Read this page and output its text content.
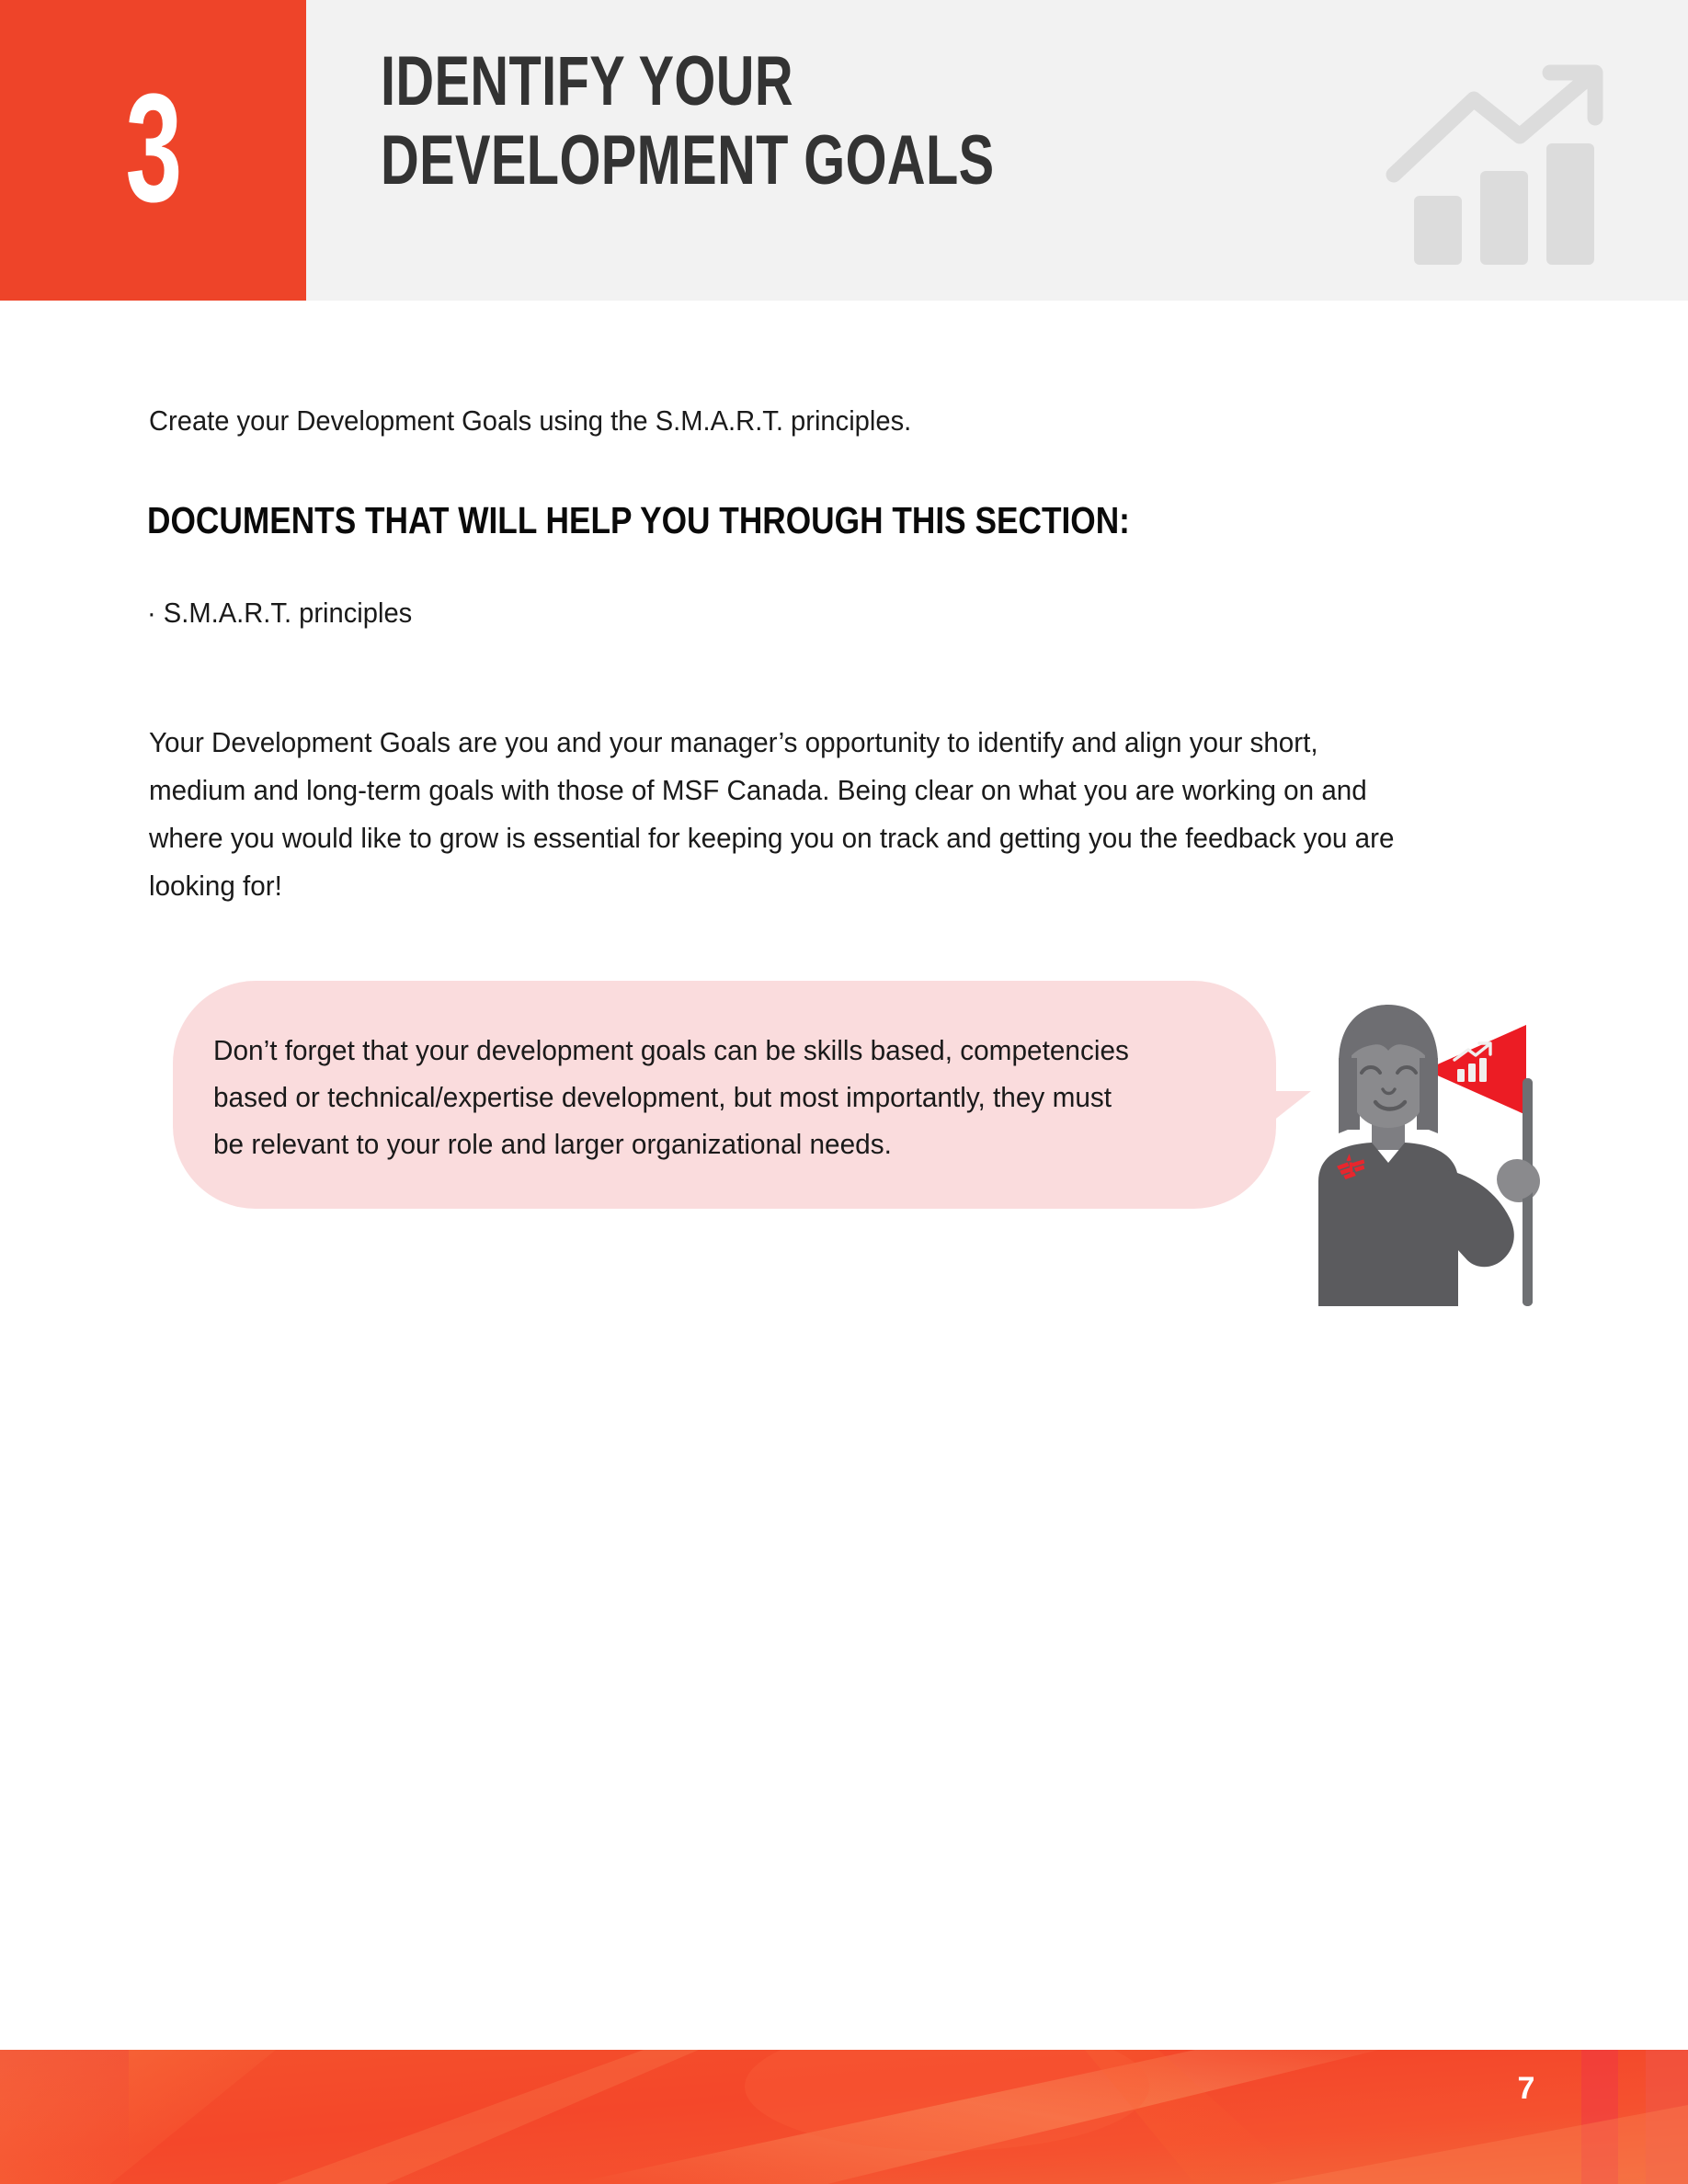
3	IDENTIFY YOUR
DEVELOPMENT GOALS
Create your Development Goals using the S.M.A.R.T. principles.
DOCUMENTS THAT WILL HELP YOU THROUGH THIS SECTION:
· S.M.A.R.T. principles
Your Development Goals are you and your manager’s opportunity to identify and align your short,
medium and long-term goals with those of MSF Canada. Being clear on what you are working on and
where you would like to grow is essential for keeping you on track and getting you the feedback you are
looking for!
Don’t forget that your development goals can be skills based, competencies
based or technical/expertise development, but most importantly, they must
be relevant to your role and larger organizational needs.
7
